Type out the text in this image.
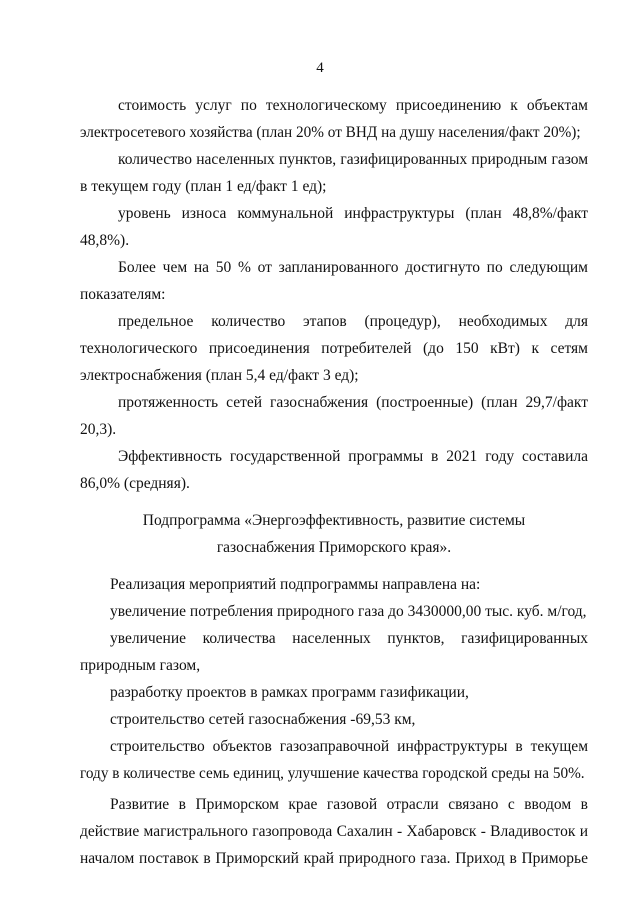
4
стоимость услуг по технологическому присоединению к объектам
электросетевого хозяйства (план 20% от ВНД на душу населения/факт 20%);
количество населенных пунктов, газифицированных природным газом
в текущем году (план 1 ед/факт 1 ед);
уровень износа коммунальной инфраструктуры (план 48,8%/факт
48,8%).
Более чем на 50 % от запланированного достигнуто по следующим
показателям:
предельное количество этапов (процедур), необходимых для
технологического присоединения потребителей (до 150 кВт) к сетям
электроснабжения (план 5,4 ед/факт 3 ед);
протяженность сетей газоснабжения (построенные) (план 29,7/факт
20,3).
Эффективность государственной программы в 2021 году составила
86,0% (средняя).
Подпрограмма «Энергоэффективность, развитие системы
газоснабжения Приморского края».
Реализация мероприятий подпрограммы направлена на:
увеличение потребления природного газа до 3430000,00 тыс. куб. м/год,
увеличение количества населенных пунктов, газифицированных
природным газом,
разработку проектов в рамках программ газификации,
строительство сетей газоснабжения -69,53 км,
строительство объектов газозаправочной инфраструктуры в текущем
году в количестве семь единиц, улучшение качества городской среды на 50%.
Развитие в Приморском крае газовой отрасли связано с вводом в
действие магистрального газопровода Сахалин - Хабаровск - Владивосток и
началом поставок в Приморский край природного газа. Приход в Приморье
